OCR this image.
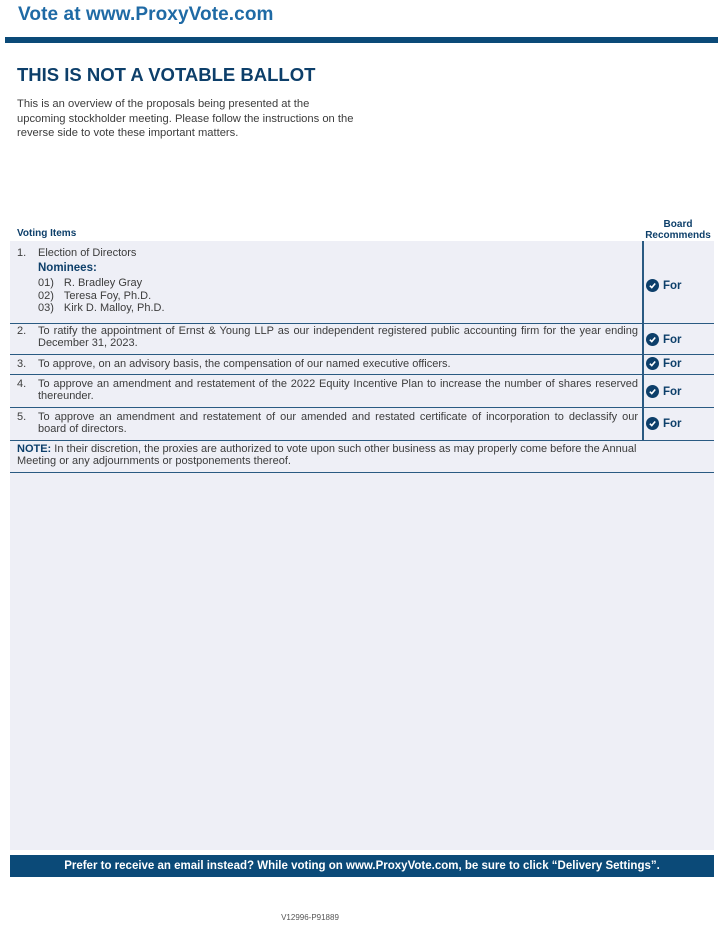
Vote at www.ProxyVote.com
THIS IS NOT A VOTABLE BALLOT
This is an overview of the proposals being presented at the upcoming stockholder meeting. Please follow the instructions on the reverse side to vote these important matters.
Voting Items
Board
Recommends
1. Election of Directors
Nominees:
01) R. Bradley Gray
02) Teresa Foy, Ph.D.
03) Kirk D. Malloy, Ph.D.
For
2. To ratify the appointment of Ernst & Young LLP as our independent registered public accounting firm for the year ending December 31, 2023.	For
3. To approve, on an advisory basis, the compensation of our named executive officers.	For
4. To approve an amendment and restatement of the 2022 Equity Incentive Plan to increase the number of shares reserved thereunder.	For
5. To approve an amendment and restatement of our amended and restated certificate of incorporation to declassify our board of directors.	For
NOTE: In their discretion, the proxies are authorized to vote upon such other business as may properly come before the Annual Meeting or any adjournments or postponements thereof.
Prefer to receive an email instead? While voting on www.ProxyVote.com, be sure to click “Delivery Settings”.
V12996-P91889
